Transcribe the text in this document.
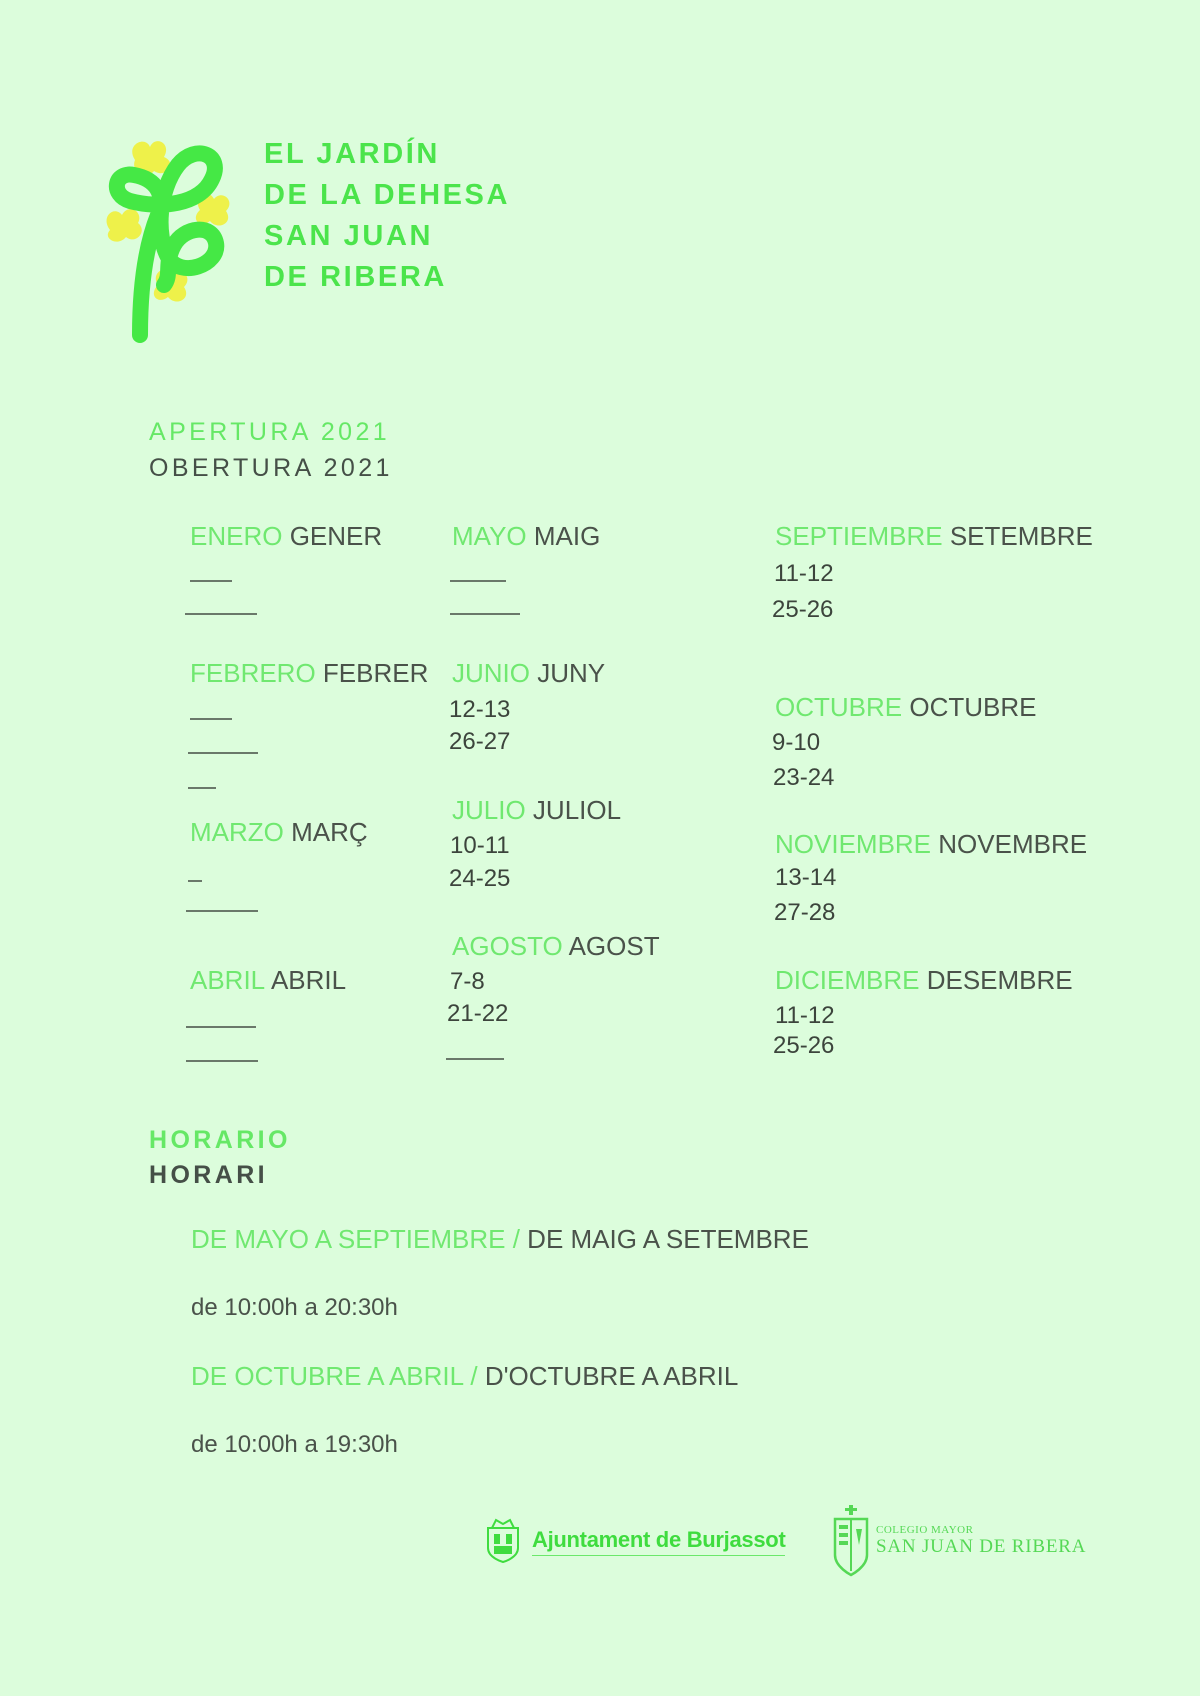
EL JARDÍN
DE LA DEHESA
SAN JUAN
DE RIBERA
APERTURA 2021
OBERTURA 2021
ENERO GENER
FEBRERO FEBRER
MARZO MARÇ
ABRIL ABRIL
MAYO MAIG
JUNIO JUNY
12-13
26-27
JULIO JULIOL
10-11
24-25
AGOSTO AGOST
7-8
21-22
SEPTIEMBRE SETEMBRE
11-12
25-26
OCTUBRE OCTUBRE
9-10
23-24
NOVIEMBRE NOVEMBRE
13-14
27-28
DICIEMBRE DESEMBRE
11-12
25-26
HORARIO
HORARI
DE MAYO A SEPTIEMBRE / DE MAIG A SETEMBRE
de 10:00h a 20:30h
DE OCTUBRE A ABRIL / D'OCTUBRE A ABRIL
de 10:00h a 19:30h
Ajuntament de Burjassot	COLEGIO MAYOR
SAN JUAN DE RIBERA
